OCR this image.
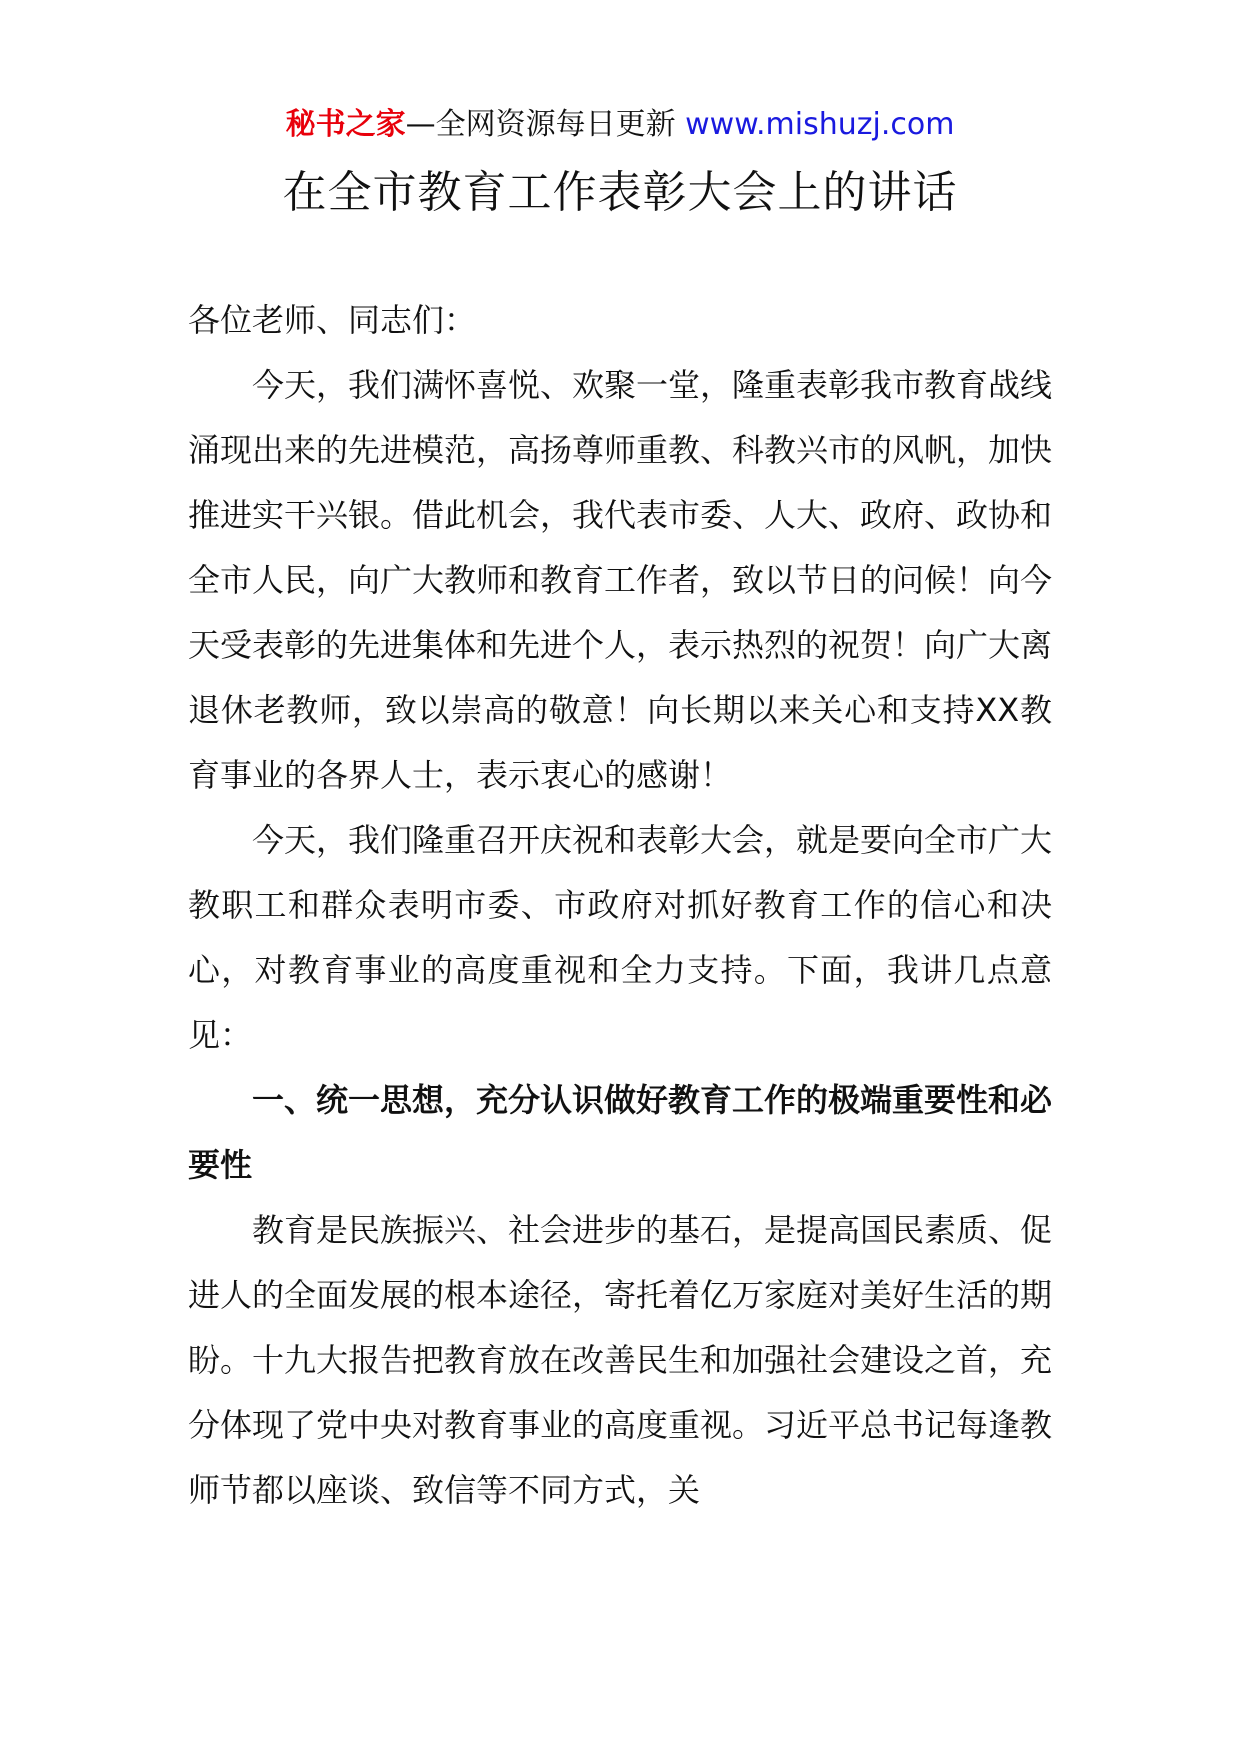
秘书之家—全网资源每日更新 www.mishuzj.com
在全市教育工作表彰大会上的讲话

各位老师、同志们：

今天，我们满怀喜悦、欢聚一堂，隆重表彰我市教育战线涌现出来的先进模范，高扬尊师重教、科教兴市的风帆，加快推进实干兴银。借此机会，我代表市委、人大、政府、政协和全市人民，向广大教师和教育工作者，致以节日的问候！向今天受表彰的先进集体和先进个人，表示热烈的祝贺！向广大离退休老教师，致以崇高的敬意！向长期以来关心和支持XX教育事业的各界人士，表示衷心的感谢！

今天，我们隆重召开庆祝和表彰大会，就是要向全市广大教职工和群众表明市委、市政府对抓好教育工作的信心和决心，对教育事业的高度重视和全力支持。下面，我讲几点意见：

一、统一思想，充分认识做好教育工作的极端重要性和必要性

教育是民族振兴、社会进步的基石，是提高国民素质、促进人的全面发展的根本途径，寄托着亿万家庭对美好生活的期盼。十九大报告把教育放在改善民生和加强社会建设之首，充分体现了党中央对教育事业的高度重视。习近平总书记每逢教师节都以座谈、致信等不同方式，关
